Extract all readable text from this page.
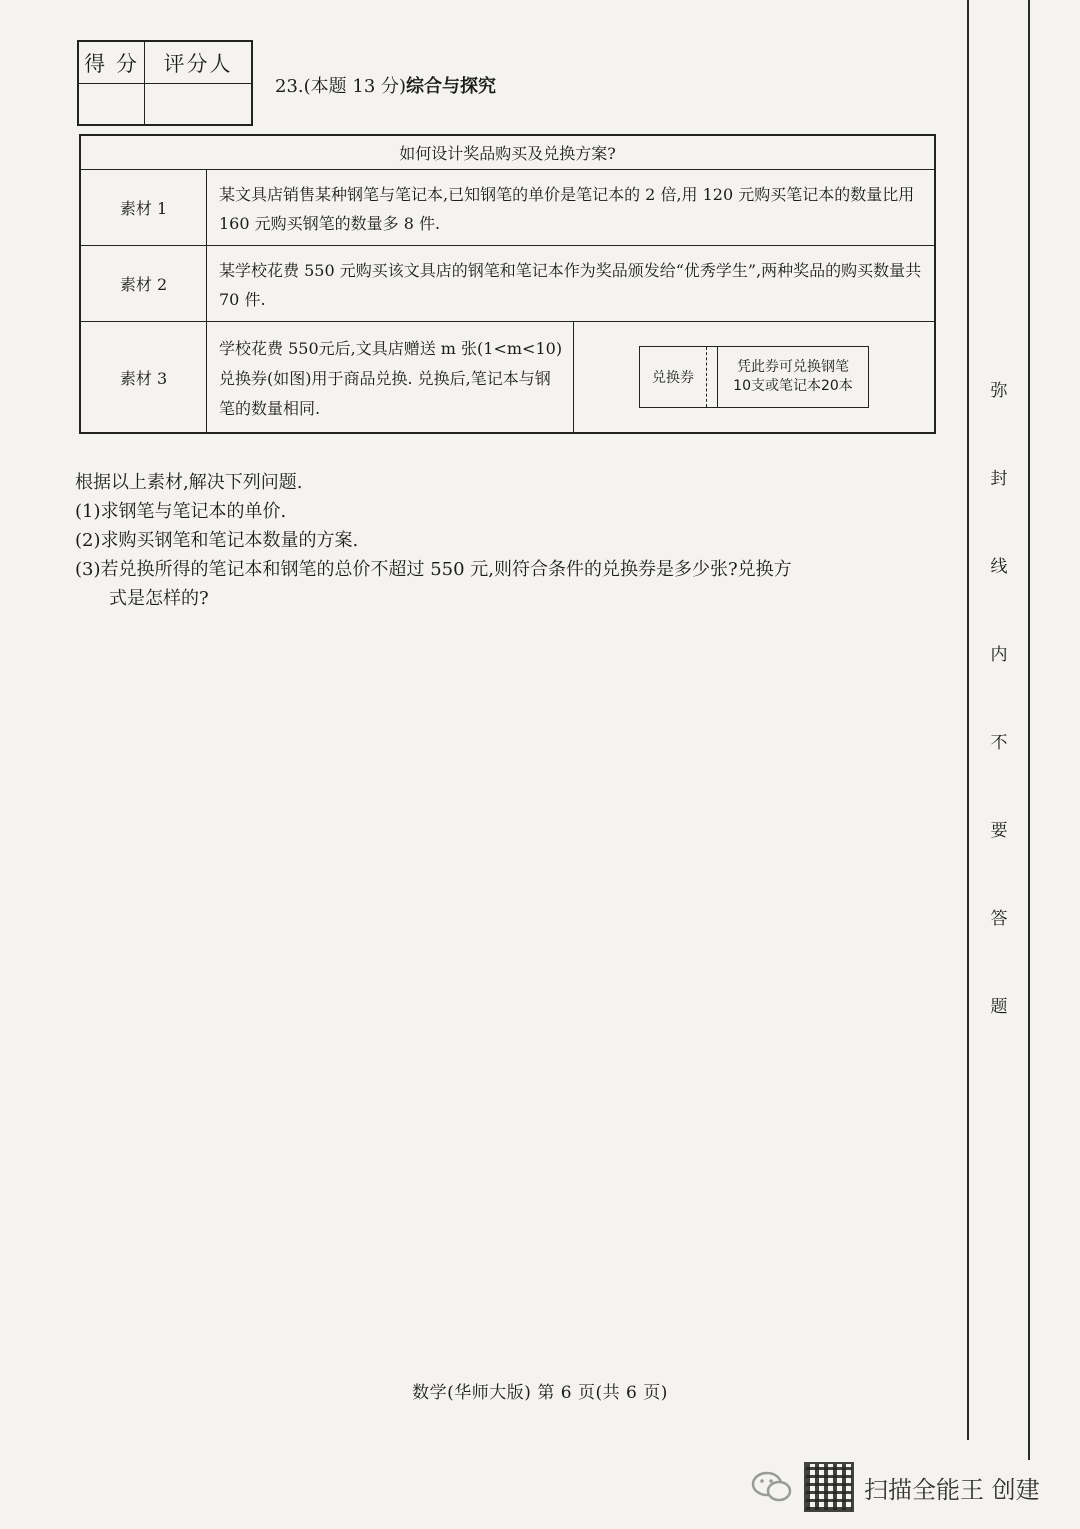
得 分	评分人
23.(本题 13 分)综合与探究
如何设计奖品购买及兑换方案?
素材 1
某文具店销售某种钢笔与笔记本,已知钢笔的单价是笔记本的 2 倍,用 120 元购买笔记本的数量比用 160 元购买钢笔的数量多 8 件.
素材 2
某学校花费 550 元购买该文具店的钢笔和笔记本作为奖品颁发给“优秀学生”,两种奖品的购买数量共 70 件.
素材 3
学校花费 550元后,文具店赠送 m 张(1<m<10)兑换券(如图)用于商品兑换. 兑换后,笔记本与钢笔的数量相同.
兑换券
凭此券可兑换钢笔
10支或笔记本20本

根据以上素材,解决下列问题.

(1)求钢笔与笔记本的单价.

(2)求购买钢笔和笔记本数量的方案.

(3)若兑换所得的笔记本和钢笔的总价不超过 550 元,则符合条件的兑换券是多少张?兑换方

式是怎样的?

数学(华师大版) 第 6 页(共 6 页)
弥
封
线
内
不
要
答
题
扫描全能王 创建
